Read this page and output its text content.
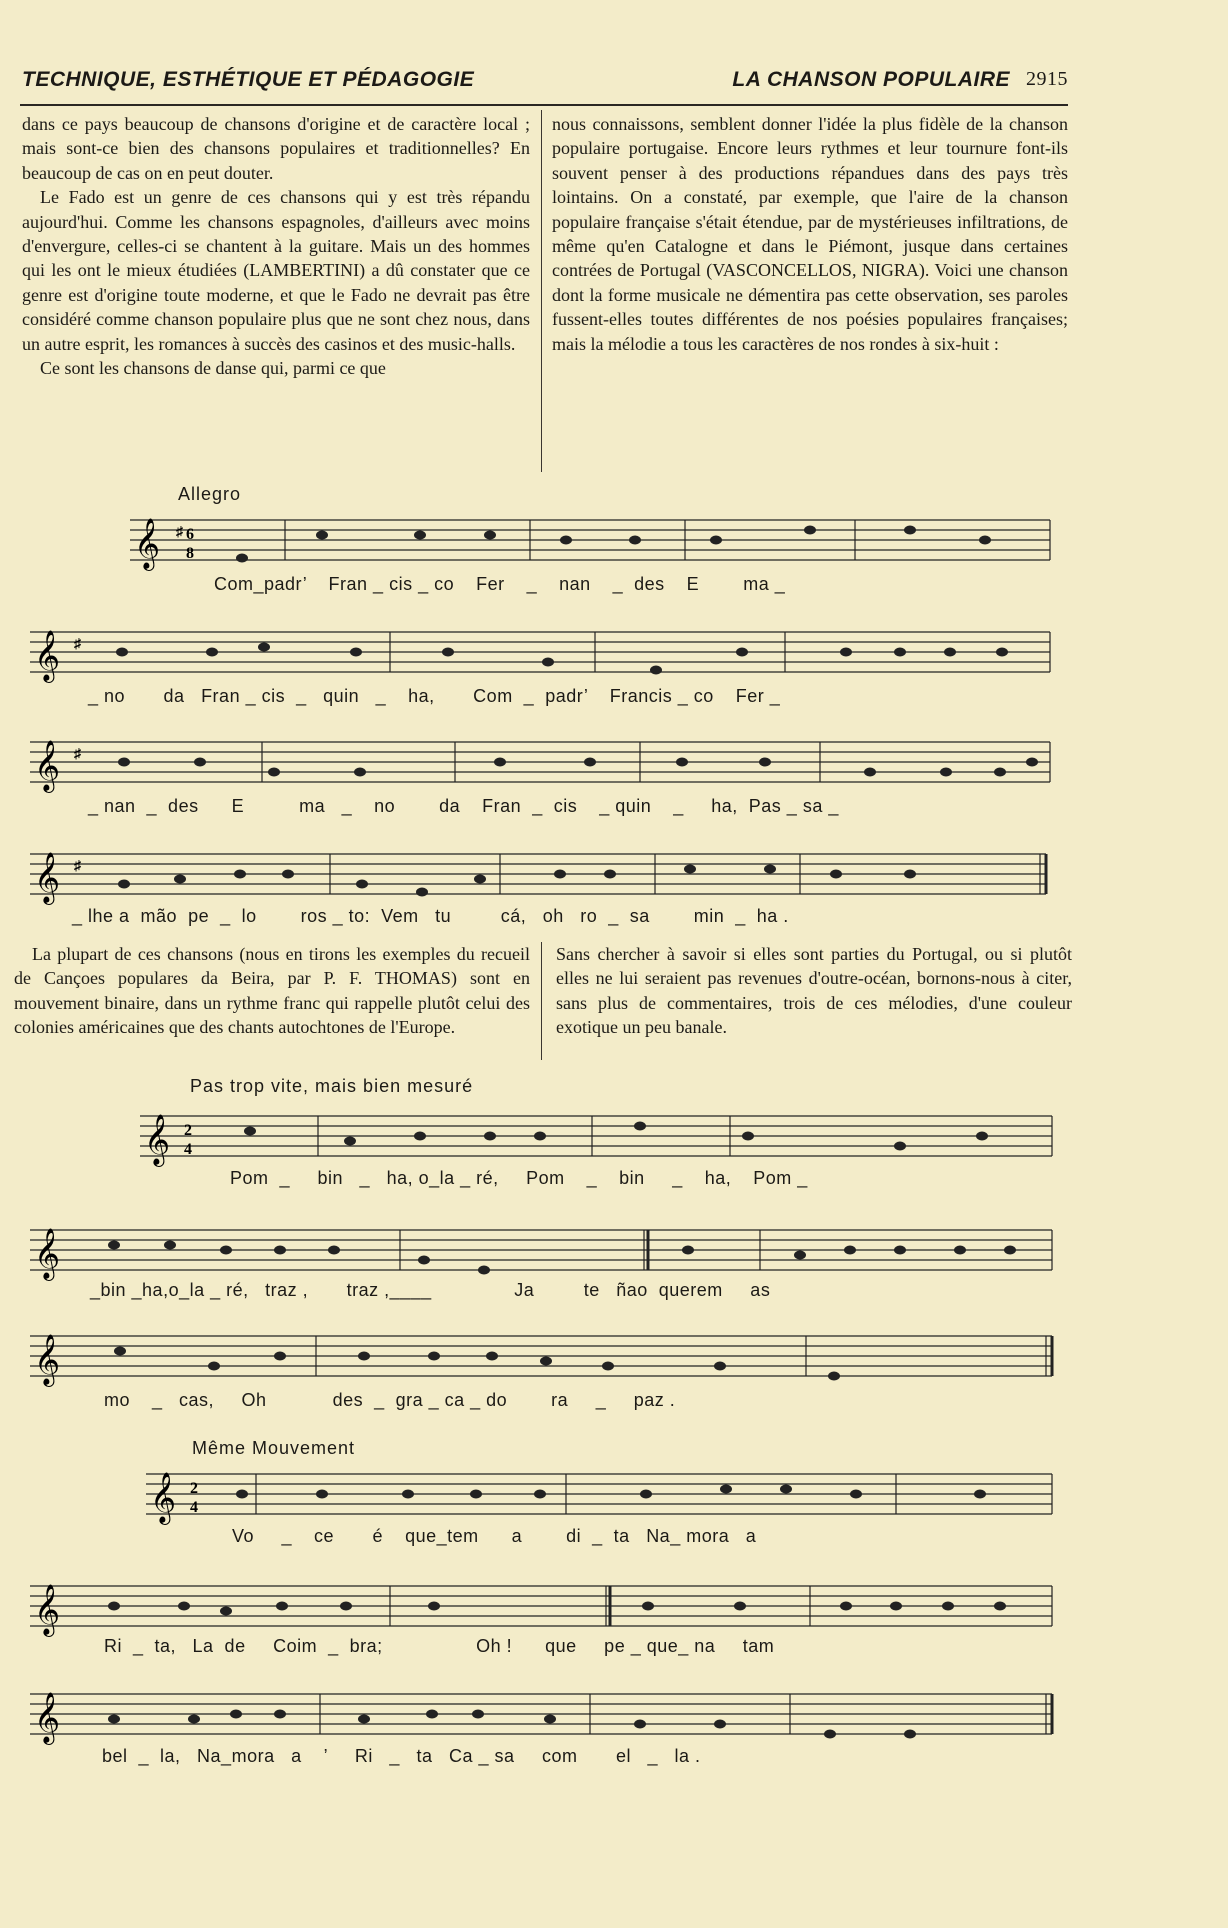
TECHNIQUE, ESTHÉTIQUE ET PÉDAGOGIE	LA CHANSON POPULAIRE 2915

dans ce pays beaucoup de chansons d'origine et de caractère local ; mais sont-ce bien des chansons populaires et traditionnelles? En beaucoup de cas on en peut douter.

Le Fado est un genre de ces chansons qui y est très répandu aujourd'hui. Comme les chansons espagnoles, d'ailleurs avec moins d'envergure, celles-ci se chantent à la guitare. Mais un des hommes qui les ont le mieux étudiées (LAMBERTINI) a dû constater que ce genre est d'origine toute moderne, et que le Fado ne devrait pas être considéré comme chanson populaire plus que ne sont chez nous, dans un autre esprit, les romances à succès des casinos et des music-halls.

Ce sont les chansons de danse qui, parmi ce que

nous connaissons, semblent donner l'idée la plus fidèle de la chanson populaire portugaise. Encore leurs rythmes et leur tournure font-ils souvent penser à des productions répandues dans des pays très lointains. On a constaté, par exemple, que l'aire de la chanson populaire française s'était étendue, par de mystérieuses infiltrations, de même qu'en Catalogne et dans le Piémont, jusque dans certaines contrées de Portugal (VASCONCELLOS, NIGRA). Voici une chanson dont la forme musicale ne démentira pas cette observation, ses paroles fussent-elles toutes différentes de nos poésies populaires françaises; mais la mélodie a tous les caractères de nos rondes à six-huit :

Allegro
𝄞 ♯ 6
8
Com_padr’    Fran _ cis _ co    Fer    _    nan    _  des    E        ma _
𝄞 ♯
_ no       da   Fran _ cis  _   quin   _    ha,       Com  _  padr’    Francis _ co    Fer _
𝄞 ♯
_ nan  _  des      E          ma   _    no        da    Fran  _  cis    _ quin    _     ha,  Pas _ sa _
𝄞 ♯
_ lhe a  mão  pe  _  lo        ros _ to:  Vem   tu         cá,   oh   ro  _  sa        min  _  ha .

La plupart de ces chansons (nous en tirons les exemples du recueil de Cançoes populares da Beira, par P. F. THOMAS) sont en mouvement binaire, dans un rythme franc qui rappelle plutôt celui des colonies américaines que des chants autochtones de l'Europe.

Sans chercher à savoir si elles sont parties du Portugal, ou si plutôt elles ne lui seraient pas revenues d'outre-océan, bornons-nous à citer, sans plus de commentaires, trois de ces mélodies, d'une couleur exotique un peu banale.

Pas trop vite, mais bien mesuré
𝄞 2
4
Pom  _     bin   _   ha, o_la _ ré,     Pom    _    bin     _    ha,    Pom _
𝄞
_bin _ha,o_la _ ré,   traz ,       traz ,____               Ja         te   ñao  querem     as
𝄞
mo    _   cas,     Oh            des  _  gra _ ca _ do        ra     _     paz .
Même Mouvement
𝄞 2
4
Vo     _    ce       é    que_tem      a        di  _  ta   Na_ mora   a
𝄞
Ri  _  ta,   La  de     Coim  _  bra;                 Oh !      que     pe _ que_ na     tam
𝄞
bel  _  la,   Na_mora   a    ’     Ri   _   ta   Ca _ sa     com       el   _   la .
